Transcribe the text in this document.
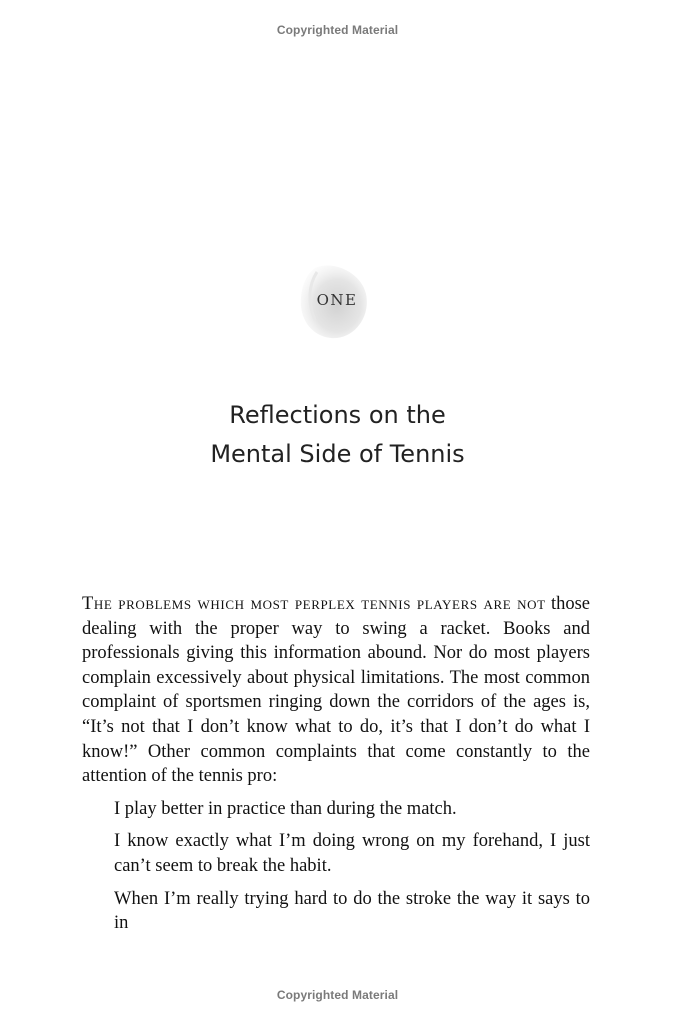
Copyrighted Material
ONE
Reflections on the
Mental Side of Tennis

The problems which most perplex tennis players are not those dealing with the proper way to swing a racket. Books and professionals giving this information abound. Nor do most players complain excessively about physical limitations. The most common complaint of sportsmen ringing down the corridors of the ages is, “It’s not that I don’t know what to do, it’s that I don’t do what I know!” Other common complaints that come constantly to the attention of the tennis pro:

I play better in practice than during the match.

I know exactly what I’m doing wrong on my forehand, I just can’t seem to break the habit.

When I’m really trying hard to do the stroke the way it says to in

Copyrighted Material
